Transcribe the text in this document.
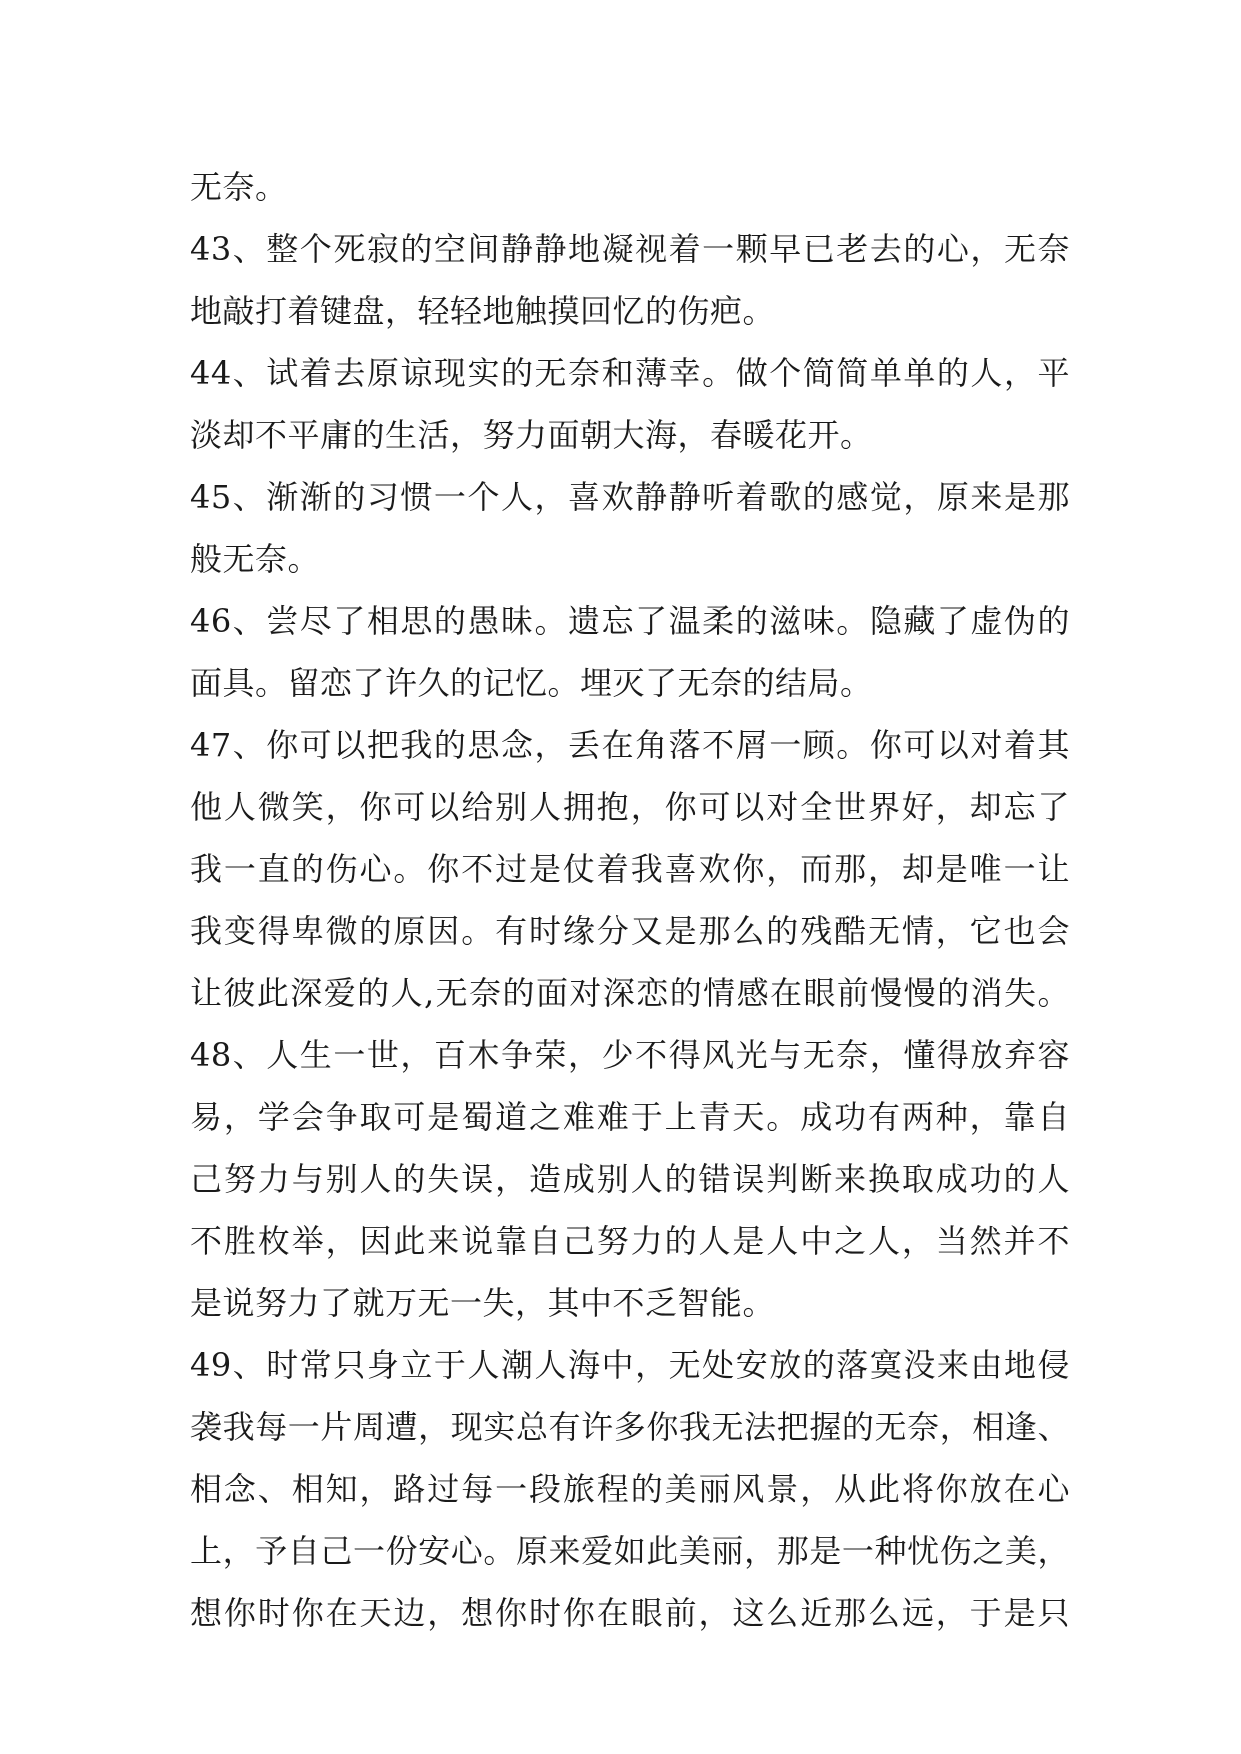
无奈。
43、整个死寂的空间静静地凝视着一颗早已老去的心，无奈
地敲打着键盘，轻轻地触摸回忆的伤疤。
44、试着去原谅现实的无奈和薄幸。做个简简单单的人，平
淡却不平庸的生活，努力面朝大海，春暖花开。
45、渐渐的习惯一个人，喜欢静静听着歌的感觉，原来是那
般无奈。
46、尝尽了相思的愚昧。遗忘了温柔的滋味。隐藏了虚伪的
面具。留恋了许久的记忆。埋灭了无奈的结局。
47、你可以把我的思念，丢在角落不屑一顾。你可以对着其
他人微笑，你可以给别人拥抱，你可以对全世界好，却忘了
我一直的伤心。你不过是仗着我喜欢你，而那，却是唯一让
我变得卑微的原因。有时缘分又是那么的残酷无情，它也会
让彼此深爱的人,无奈的面对深恋的情感在眼前慢慢的消失。
48、人生一世，百木争荣，少不得风光与无奈，懂得放弃容
易，学会争取可是蜀道之难难于上青天。成功有两种，靠自
己努力与别人的失误，造成别人的错误判断来换取成功的人
不胜枚举，因此来说靠自己努力的人是人中之人，当然并不
是说努力了就万无一失，其中不乏智能。
49、时常只身立于人潮人海中，无处安放的落寞没来由地侵
袭我每一片周遭，现实总有许多你我无法把握的无奈，相逢、
相念、相知，路过每一段旅程的美丽风景，从此将你放在心
上，予自己一份安心。原来爱如此美丽，那是一种忧伤之美，
想你时你在天边，想你时你在眼前，这么近那么远，于是只
